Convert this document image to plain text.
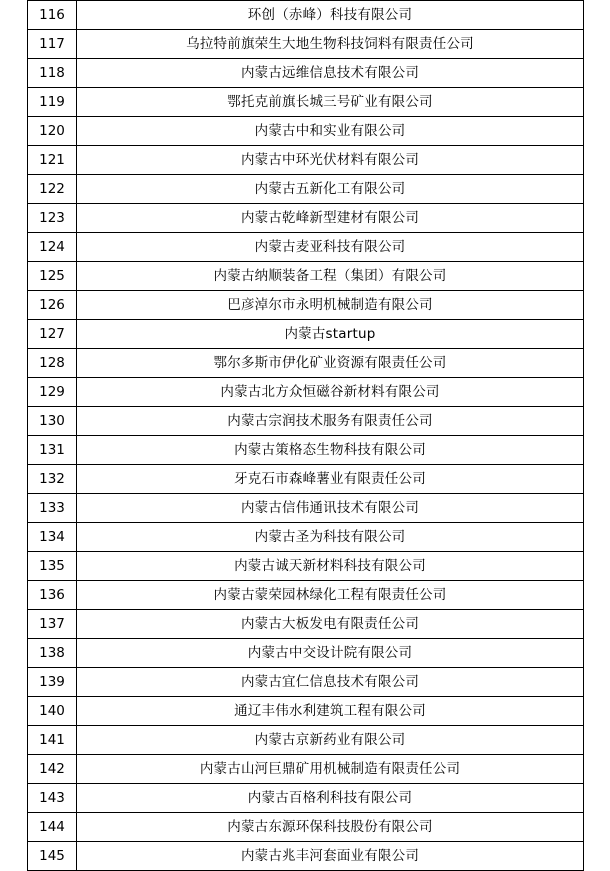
116	环创（赤峰）科技有限公司
117	乌拉特前旗荣生大地生物科技饲料有限责任公司
118	内蒙古远维信息技术有限公司
119	鄂托克前旗长城三号矿业有限公司
120	内蒙古中和实业有限公司
121	内蒙古中环光伏材料有限公司
122	内蒙古五新化工有限公司
123	内蒙古乾峰新型建材有限公司
124	内蒙古麦亚科技有限公司
125	内蒙古纳顺装备工程（集团）有限公司
126	巴彦淖尔市永明机械制造有限公司
127	内蒙古startup
128	鄂尔多斯市伊化矿业资源有限责任公司
129	内蒙古北方众恒磁谷新材料有限公司
130	内蒙古宗润技术服务有限责任公司
131	内蒙古策格态生物科技有限公司
132	牙克石市森峰薯业有限责任公司
133	内蒙古信伟通讯技术有限公司
134	内蒙古圣为科技有限公司
135	内蒙古诚天新材料科技有限公司
136	内蒙古蒙荣园林绿化工程有限责任公司
137	内蒙古大板发电有限责任公司
138	内蒙古中交设计院有限公司
139	内蒙古宜仁信息技术有限公司
140	通辽丰伟水利建筑工程有限公司
141	内蒙古京新药业有限公司
142	内蒙古山河巨鼎矿用机械制造有限责任公司
143	内蒙古百格利科技有限公司
144	内蒙古东源环保科技股份有限公司
145	内蒙古兆丰河套面业有限公司
